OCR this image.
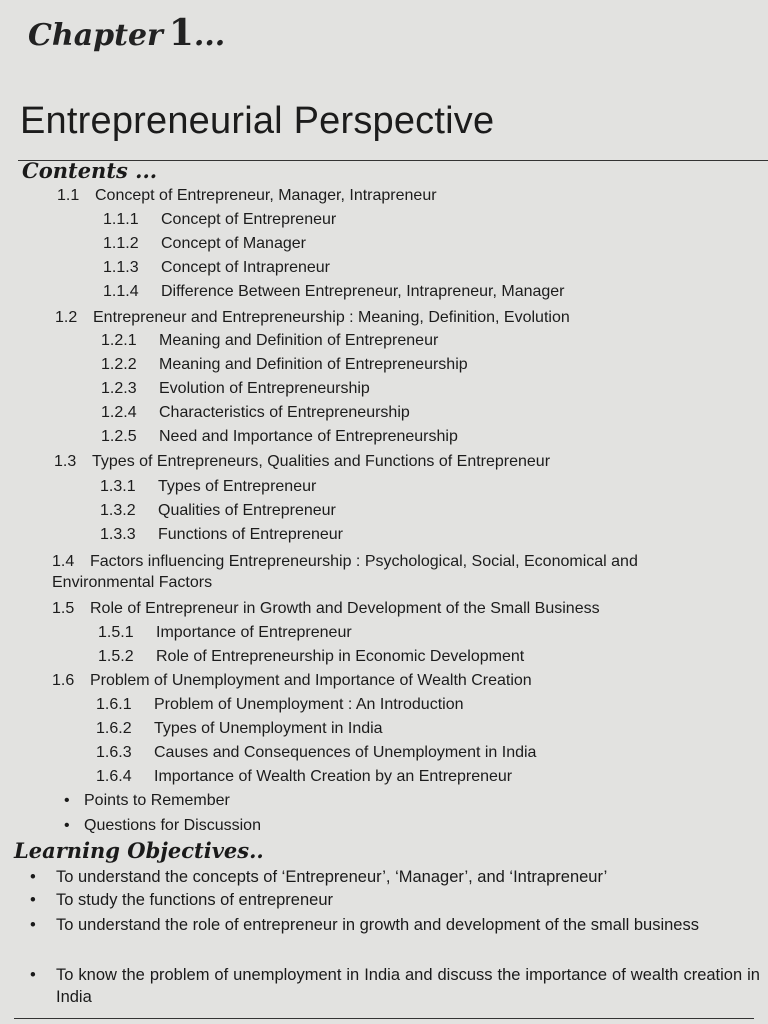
Chapter 1...
Entrepreneurial Perspective
Contents ...
1.1 Concept of Entrepreneur, Manager, Intrapreneur
1.1.1 Concept of Entrepreneur
1.1.2 Concept of Manager
1.1.3 Concept of Intrapreneur
1.1.4 Difference Between Entrepreneur, Intrapreneur, Manager
1.2 Entrepreneur and Entrepreneurship : Meaning, Definition, Evolution
1.2.1 Meaning and Definition of Entrepreneur
1.2.2 Meaning and Definition of Entrepreneurship
1.2.3 Evolution of Entrepreneurship
1.2.4 Characteristics of Entrepreneurship
1.2.5 Need and Importance of Entrepreneurship
1.3 Types of Entrepreneurs, Qualities and Functions of Entrepreneur
1.3.1 Types of Entrepreneur
1.3.2 Qualities of Entrepreneur
1.3.3 Functions of Entrepreneur
1.4 Factors influencing Entrepreneurship : Psychological, Social, Economical and Environmental Factors
1.5 Role of Entrepreneur in Growth and Development of the Small Business
1.5.1 Importance of Entrepreneur
1.5.2 Role of Entrepreneurship in Economic Development
1.6 Problem of Unemployment and Importance of Wealth Creation
1.6.1 Problem of Unemployment : An Introduction
1.6.2 Types of Unemployment in India
1.6.3 Causes and Consequences of Unemployment in India
1.6.4 Importance of Wealth Creation by an Entrepreneur
• Points to Remember
• Questions for Discussion
Learning Objectives..
• To understand the concepts of ‘Entrepreneur’, ‘Manager’, and ‘Intrapreneur’
• To study the functions of entrepreneur
• To understand the role of entrepreneur in growth and development of the small business
• To know the problem of unemployment in India and discuss the importance of wealth creation in India
